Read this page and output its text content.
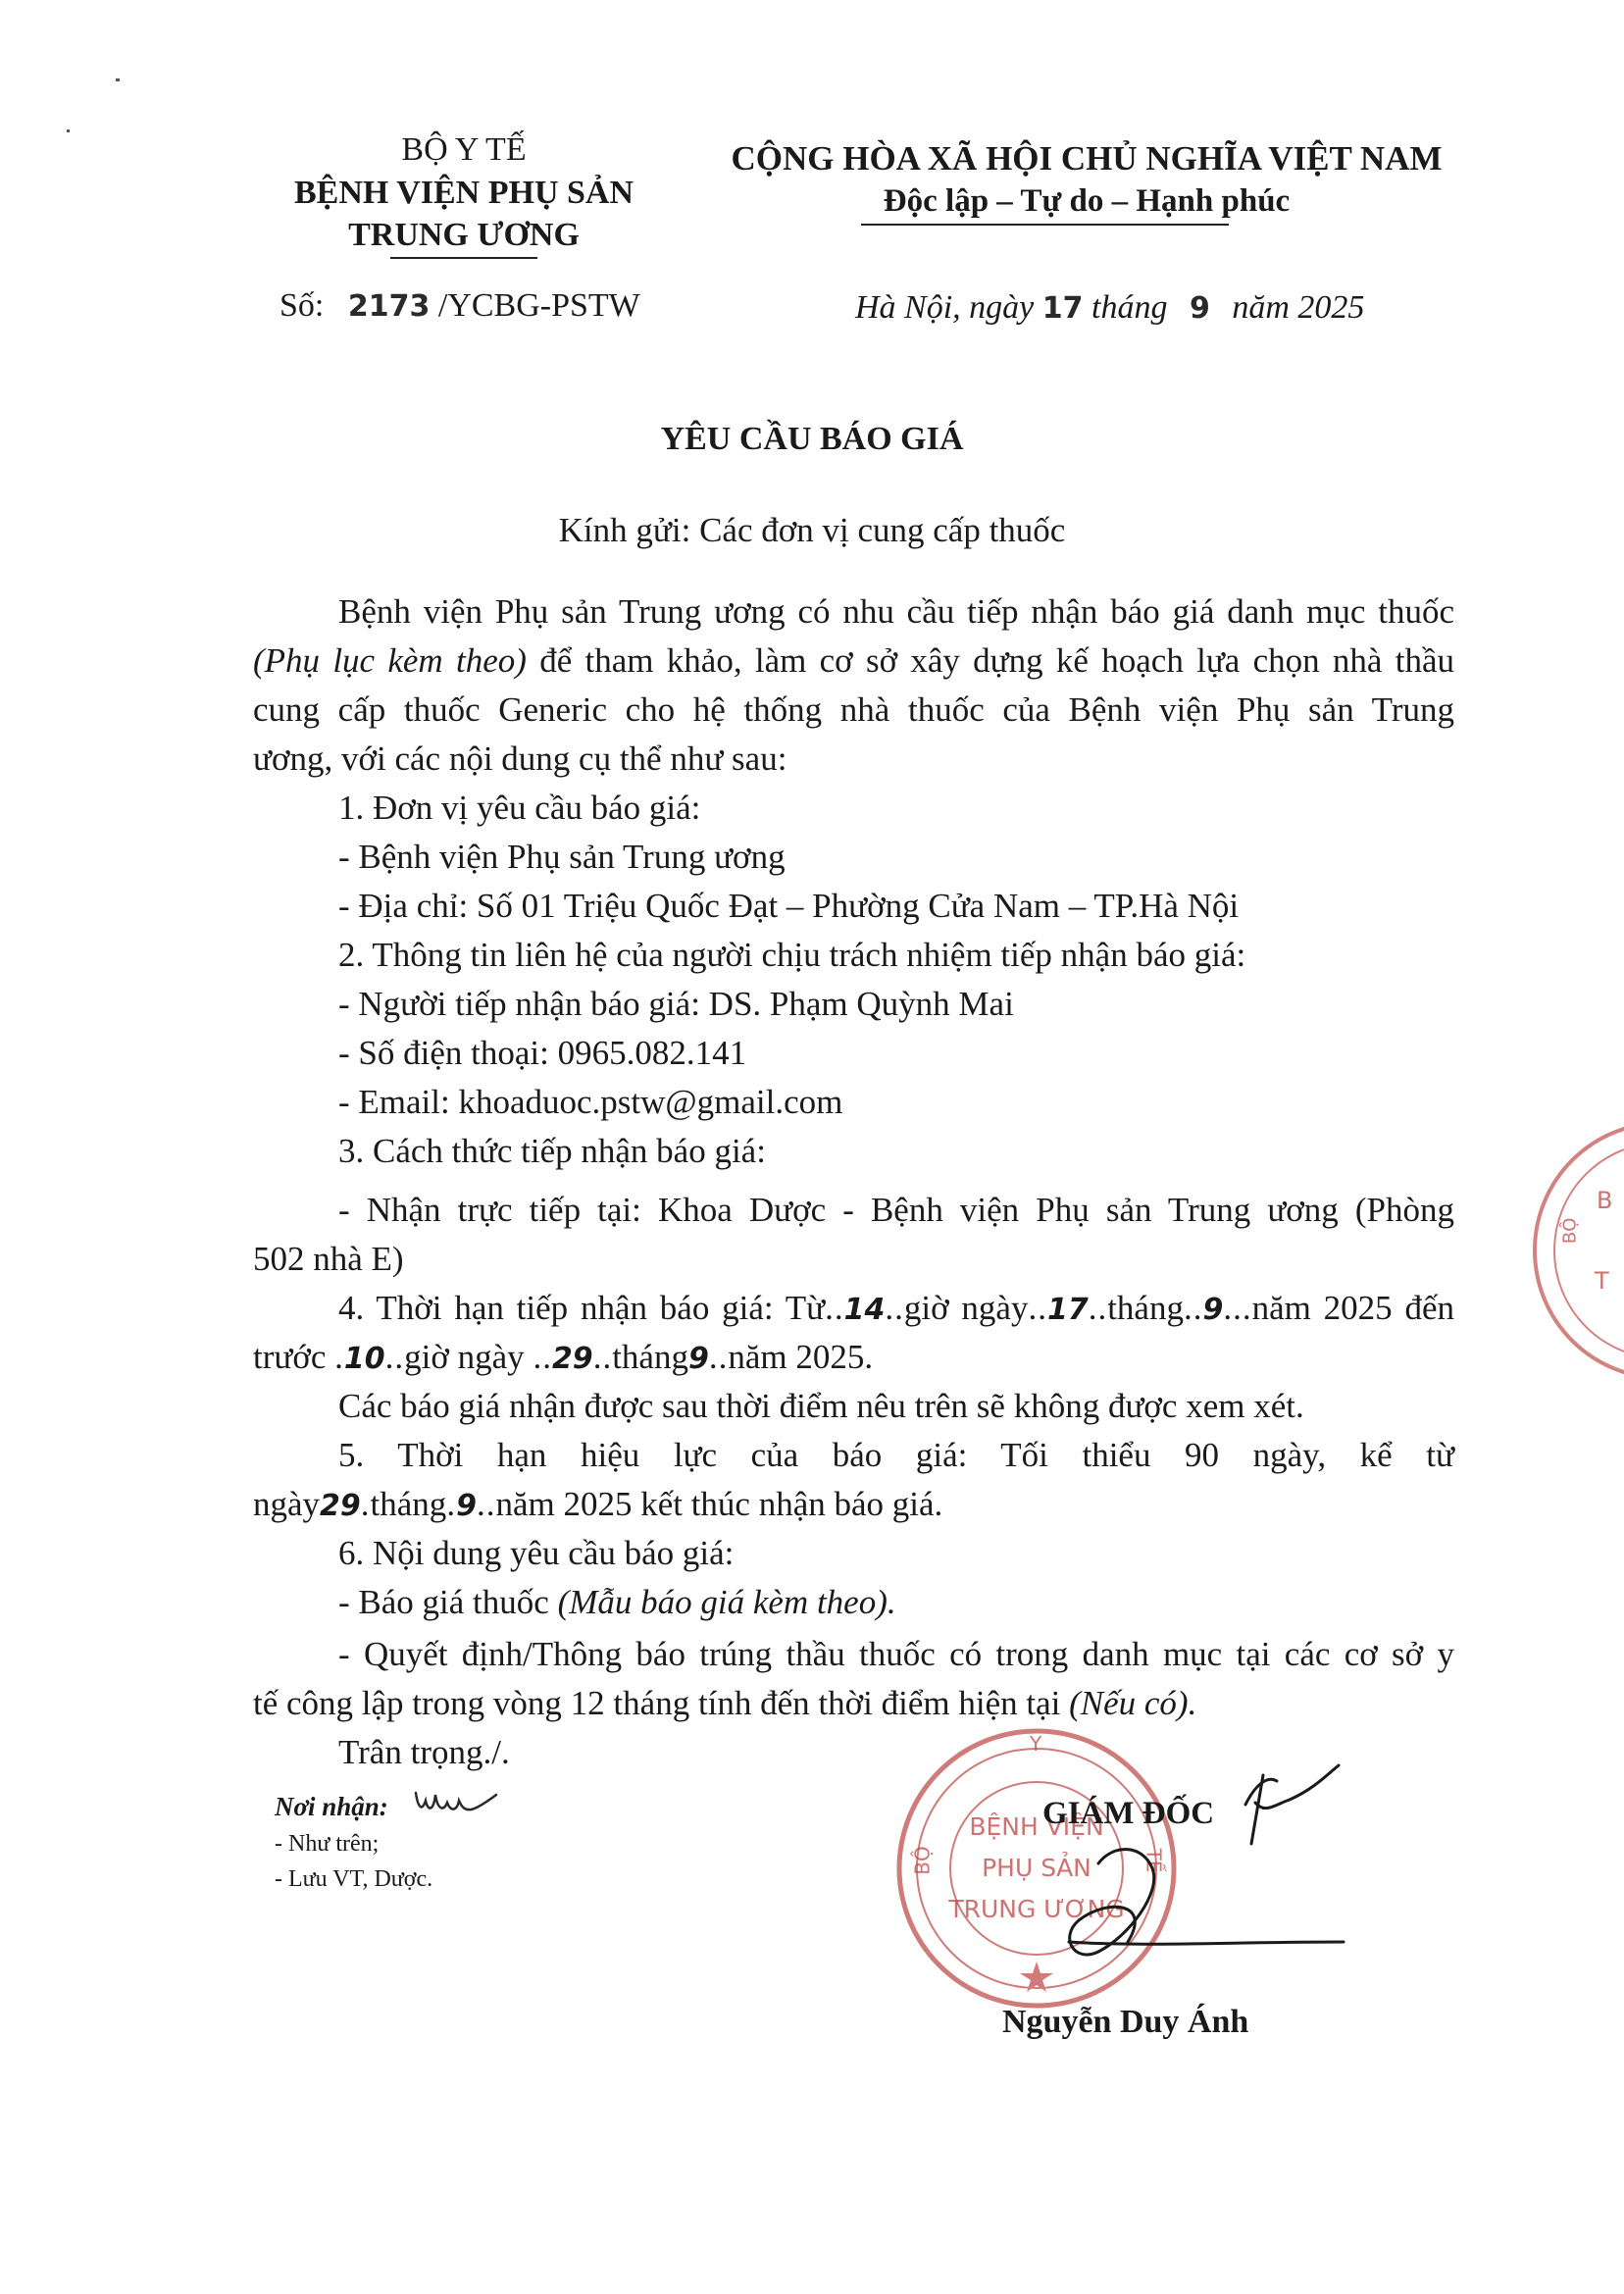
BỘ Y TẾ
BỆNH VIỆN PHỤ SẢN
TRUNG ƯƠNG
Số: 2173 /YCBG-PSTW
CỘNG HÒA XÃ HỘI CHỦ NGHĨA VIỆT NAM
Độc lập – Tự do – Hạnh phúc
Hà Nội, ngày 17 tháng 9 năm 2025
YÊU CẦU BÁO GIÁ
Kính gửi: Các đơn vị cung cấp thuốc
Bệnh viện Phụ sản Trung ương có nhu cầu tiếp nhận báo giá danh mục thuốc
(Phụ lục kèm theo) để tham khảo, làm cơ sở xây dựng kế hoạch lựa chọn nhà thầu
cung cấp thuốc Generic cho hệ thống nhà thuốc của Bệnh viện Phụ sản Trung
ương, với các nội dung cụ thể như sau:
1. Đơn vị yêu cầu báo giá:
- Bệnh viện Phụ sản Trung ương
- Địa chỉ: Số 01 Triệu Quốc Đạt – Phường Cửa Nam – TP.Hà Nội
2. Thông tin liên hệ của người chịu trách nhiệm tiếp nhận báo giá:
- Người tiếp nhận báo giá: DS. Phạm Quỳnh Mai
- Số điện thoại: 0965.082.141
- Email: khoaduoc.pstw@gmail.com
3. Cách thức tiếp nhận báo giá:
- Nhận trực tiếp tại: Khoa Dược - Bệnh viện Phụ sản Trung ương (Phòng
502 nhà E)
4. Thời hạn tiếp nhận báo giá: Từ..14..giờ ngày..17..tháng..9...năm 2025 đến
trước .10..giờ ngày ..29..tháng9..năm 2025.
Các báo giá nhận được sau thời điểm nêu trên sẽ không được xem xét.
5. Thời hạn hiệu lực của báo giá: Tối thiểu 90 ngày, kể từ
ngày29.tháng.9..năm 2025 kết thúc nhận báo giá.
6. Nội dung yêu cầu báo giá:
- Báo giá thuốc (Mẫu báo giá kèm theo).
- Quyết định/Thông báo trúng thầu thuốc có trong danh mục tại các cơ sở y
tế công lập trong vòng 12 tháng tính đến thời điểm hiện tại (Nếu có).
Trân trọng./.
Nơi nhận:
- Như trên;
- Lưu VT, Dược.
Y
BỘ	TẾ
BỆNH VIỆN
PHỤ SẢN
TRUNG ƯƠNG
GIÁM ĐỐC
Nguyễn Duy Ánh
B
T
BỘ
